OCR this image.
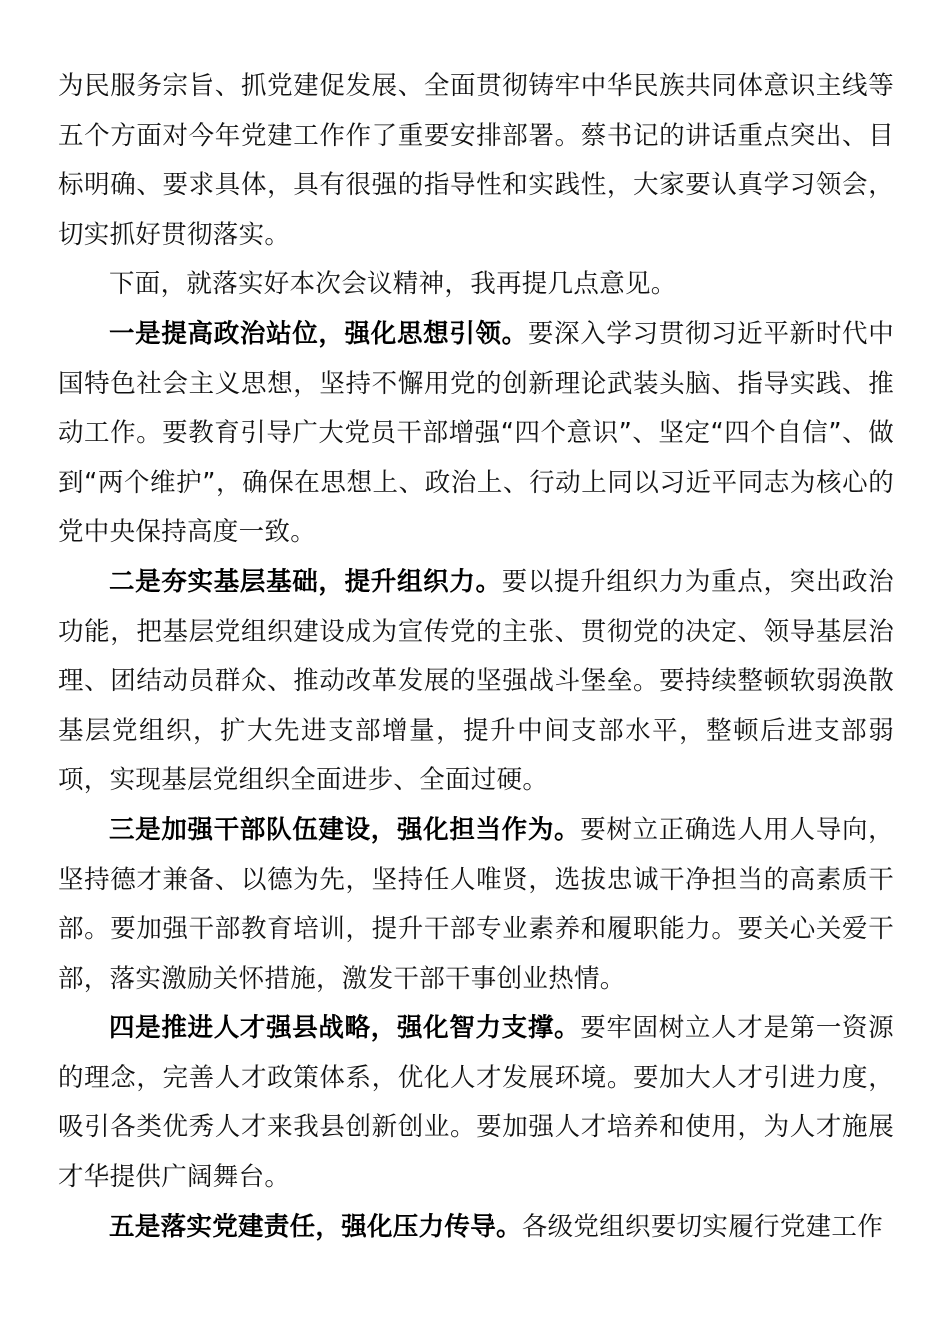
为民服务宗旨、抓党建促发展、全面贯彻铸牢中华民族共同体意识主线等五个方面对今年党建工作作了重要安排部署。蔡书记的讲话重点突出、目标明确、要求具体，具有很强的指导性和实践性，大家要认真学习领会，切实抓好贯彻落实。

下面，就落实好本次会议精神，我再提几点意见。

一是提高政治站位，强化思想引领。要深入学习贯彻习近平新时代中国特色社会主义思想，坚持不懈用党的创新理论武装头脑、指导实践、推动工作。要教育引导广大党员干部增强“四个意识”、坚定“四个自信”、做到“两个维护”，确保在思想上、政治上、行动上同以习近平同志为核心的党中央保持高度一致。

二是夯实基层基础，提升组织力。要以提升组织力为重点，突出政治功能，把基层党组织建设成为宣传党的主张、贯彻党的决定、领导基层治理、团结动员群众、推动改革发展的坚强战斗堡垒。要持续整顿软弱涣散基层党组织，扩大先进支部增量，提升中间支部水平，整顿后进支部弱项，实现基层党组织全面进步、全面过硬。

三是加强干部队伍建设，强化担当作为。要树立正确选人用人导向，坚持德才兼备、以德为先，坚持任人唯贤，选拔忠诚干净担当的高素质干部。要加强干部教育培训，提升干部专业素养和履职能力。要关心关爱干部，落实激励关怀措施，激发干部干事创业热情。

四是推进人才强县战略，强化智力支撑。要牢固树立人才是第一资源的理念，完善人才政策体系，优化人才发展环境。要加大人才引进力度，吸引各类优秀人才来我县创新创业。要加强人才培养和使用，为人才施展才华提供广阔舞台。

五是落实党建责任，强化压力传导。各级党组织要切实履行党建工作
